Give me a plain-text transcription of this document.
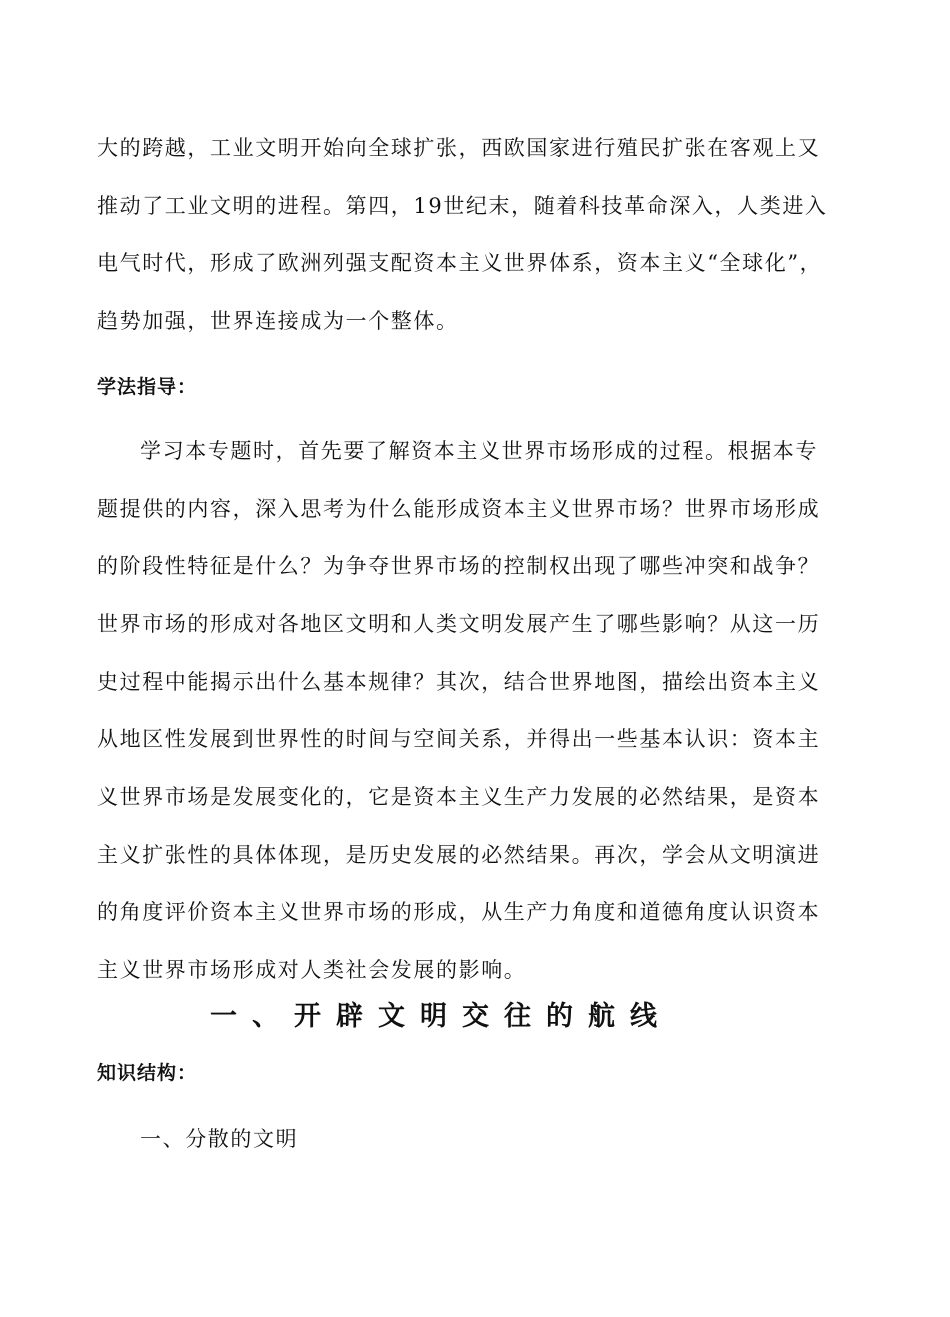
大的跨越，工业文明开始向全球扩张，西欧国家进行殖民扩张在客观上又
推动了工业文明的进程。第四，19世纪末，随着科技革命深入，人类进入
电气时代，形成了欧洲列强支配资本主义世界体系，资本主义“全球化”，
趋势加强，世界连接成为一个整体。
学法指导：
学习本专题时，首先要了解资本主义世界市场形成的过程。根据本专
题提供的内容，深入思考为什么能形成资本主义世界市场？世界市场形成
的阶段性特征是什么？为争夺世界市场的控制权出现了哪些冲突和战争？
世界市场的形成对各地区文明和人类文明发展产生了哪些影响？从这一历
史过程中能揭示出什么基本规律？其次，结合世界地图，描绘出资本主义
从地区性发展到世界性的时间与空间关系，并得出一些基本认识：资本主
义世界市场是发展变化的，它是资本主义生产力发展的必然结果，是资本
主义扩张性的具体体现，是历史发展的必然结果。再次，学会从文明演进
的角度评价资本主义世界市场的形成，从生产力角度和道德角度认识资本
主义世界市场形成对人类社会发展的影响。
一、开辟文明交往的航线
知识结构：
一、分散的文明
